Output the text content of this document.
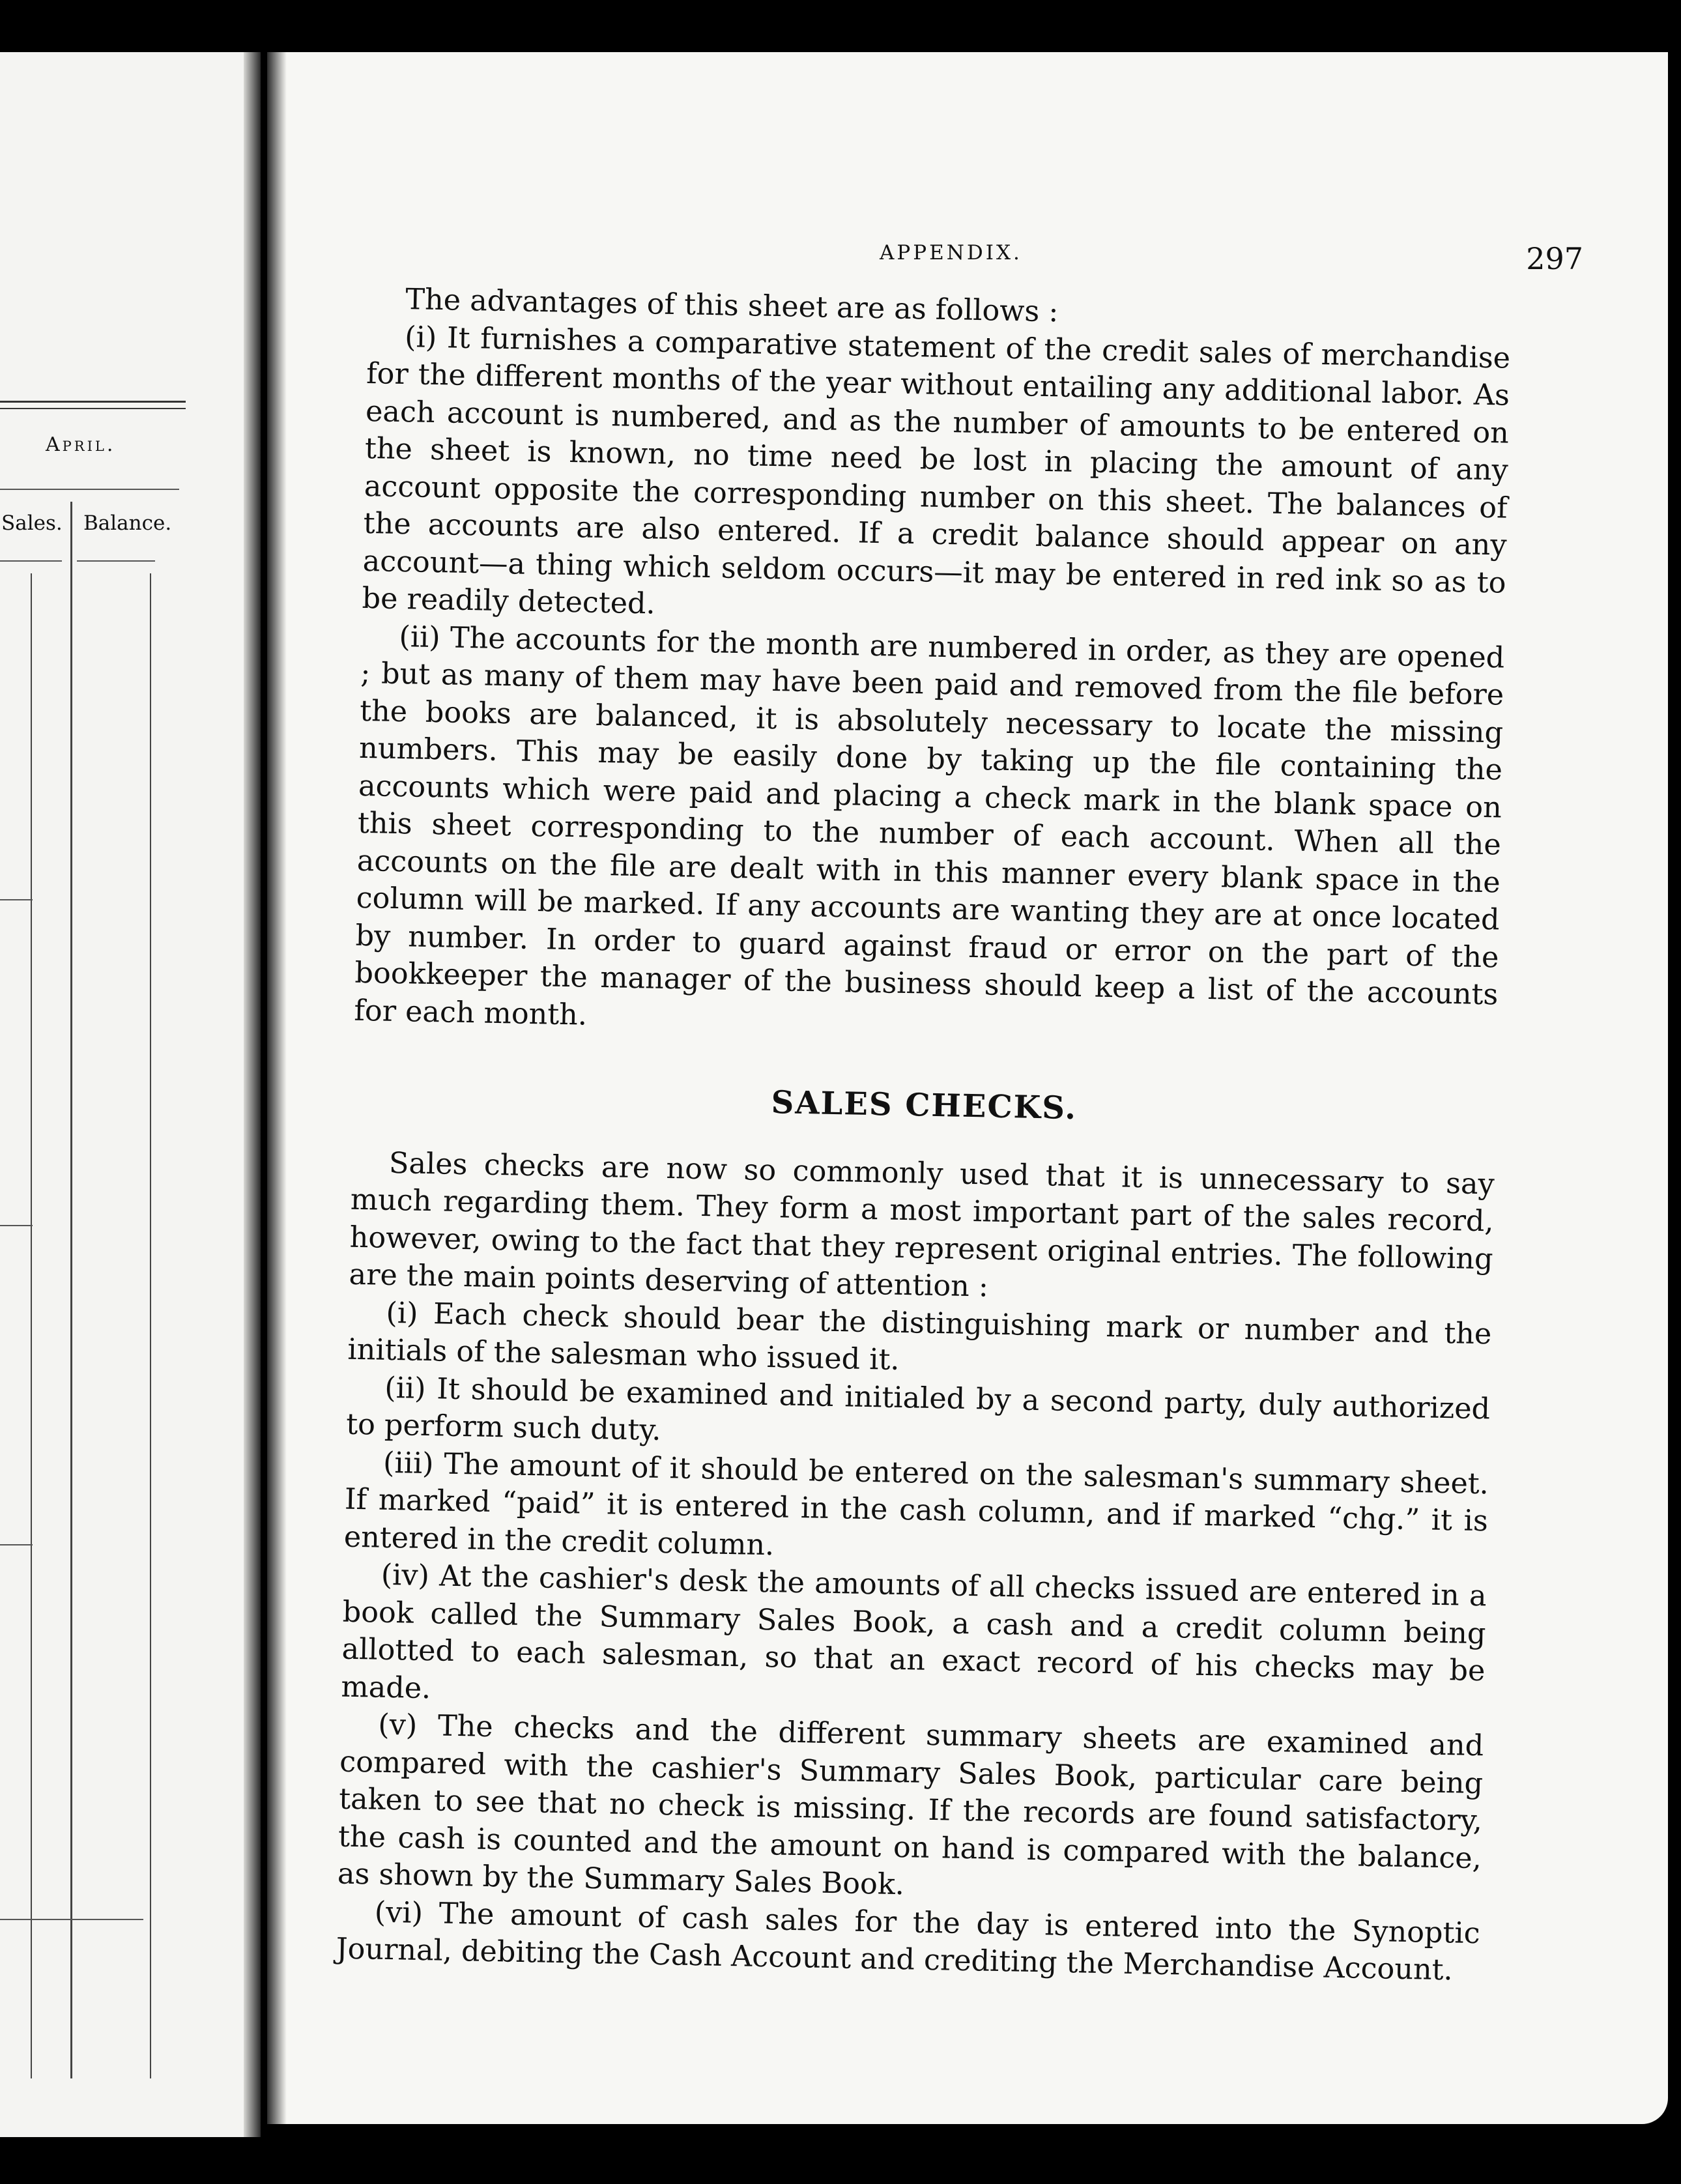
April.
Sales. Balance.
APPENDIX.	297

The advantages of this sheet are as follows :

(i) It furnishes a comparative statement of the credit sales of merchandise for the different months of the year without entailing any additional labor. As each account is numbered, and as the number of amounts to be entered on the sheet is known, no time need be lost in placing the amount of any account opposite the corresponding number on this sheet. The balances of the accounts are also entered. If a credit balance should appear on any account—a thing which seldom occurs—it may be entered in red ink so as to be readily detected.

(ii) The accounts for the month are numbered in order, as they are opened ; but as many of them may have been paid and removed from the file before the books are balanced, it is absolutely necessary to locate the missing numbers. This may be easily done by taking up the file containing the accounts which were paid and placing a check mark in the blank space on this sheet corresponding to the number of each account. When all the accounts on the file are dealt with in this manner every blank space in the column will be marked. If any accounts are wanting they are at once located by number. In order to guard against fraud or error on the part of the bookkeeper the manager of the business should keep a list of the accounts for each month.

SALES CHECKS.

Sales checks are now so commonly used that it is unnecessary to say much regarding them. They form a most important part of the sales record, however, owing to the fact that they represent original entries. The following are the main points deserving of attention :

(i) Each check should bear the distinguishing mark or number and the initials of the salesman who issued it.

(ii) It should be examined and initialed by a second party, duly authorized to perform such duty.

(iii) The amount of it should be entered on the salesman's summary sheet. If marked “paid” it is entered in the cash column, and if marked “chg.” it is entered in the credit column.

(iv) At the cashier's desk the amounts of all checks issued are entered in a book called the Summary Sales Book, a cash and a credit column being allotted to each salesman, so that an exact record of his checks may be made.

(v) The checks and the different summary sheets are examined and compared with the cashier's Summary Sales Book, particular care being taken to see that no check is missing. If the records are found satisfactory, the cash is counted and the amount on hand is compared with the balance, as shown by the Summary Sales Book.

(vi) The amount of cash sales for the day is entered into the Synoptic Journal, debiting the Cash Account and crediting the Merchandise Account.
